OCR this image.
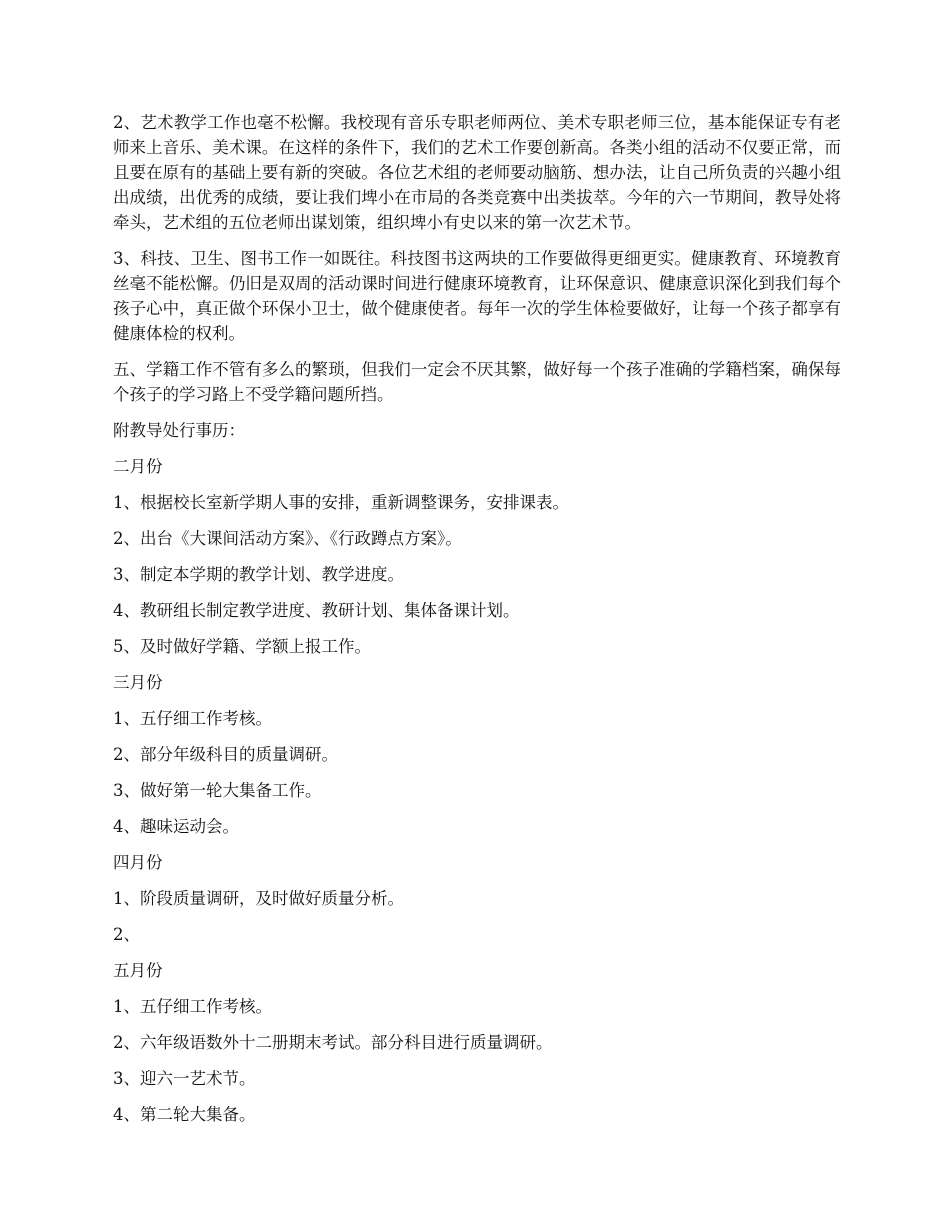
2、艺术教学工作也毫不松懈。我校现有音乐专职老师两位、美术专职老师三位，基本能保证专有老师来上音乐、美术课。在这样的条件下，我们的艺术工作要创新高。各类小组的活动不仅要正常，而且要在原有的基础上要有新的突破。各位艺术组的老师要动脑筋、想办法，让自己所负责的兴趣小组出成绩，出优秀的成绩，要让我们埤小在市局的各类竞赛中出类拔萃。今年的六一节期间，教导处将牵头，艺术组的五位老师出谋划策，组织埤小有史以来的第一次艺术节。

3、科技、卫生、图书工作一如既往。科技图书这两块的工作要做得更细更实。健康教育、环境教育丝毫不能松懈。仍旧是双周的活动课时间进行健康环境教育，让环保意识、健康意识深化到我们每个孩子心中，真正做个环保小卫士，做个健康使者。每年一次的学生体检要做好，让每一个孩子都享有健康体检的权利。

五、学籍工作不管有多么的繁琐，但我们一定会不厌其繁，做好每一个孩子准确的学籍档案，确保每个孩子的学习路上不受学籍问题所挡。

附教导处行事历：

二月份

1、根据校长室新学期人事的安排，重新调整课务，安排课表。

2、出台《大课间活动方案》、《行政蹲点方案》。

3、制定本学期的教学计划、教学进度。

4、教研组长制定教学进度、教研计划、集体备课计划。

5、及时做好学籍、学额上报工作。

三月份

1、五仔细工作考核。

2、部分年级科目的质量调研。

3、做好第一轮大集备工作。

4、趣味运动会。

四月份

1、阶段质量调研，及时做好质量分析。

2、

五月份

1、五仔细工作考核。

2、六年级语数外十二册期末考试。部分科目进行质量调研。

3、迎六一艺术节。

4、第二轮大集备。
